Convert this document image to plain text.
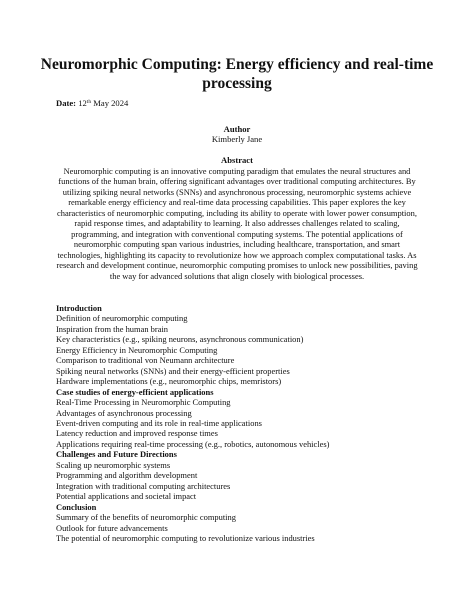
Neuromorphic Computing: Energy efficiency and real-time processing
Date: 12th May 2024
Author
Kimberly Jane
Abstract
Neuromorphic computing is an innovative computing paradigm that emulates the neural structures and functions of the human brain, offering significant advantages over traditional computing architectures. By utilizing spiking neural networks (SNNs) and asynchronous processing, neuromorphic systems achieve remarkable energy efficiency and real-time data processing capabilities. This paper explores the key characteristics of neuromorphic computing, including its ability to operate with lower power consumption, rapid response times, and adaptability to learning. It also addresses challenges related to scaling, programming, and integration with conventional computing systems. The potential applications of neuromorphic computing span various industries, including healthcare, transportation, and smart technologies, highlighting its capacity to revolutionize how we approach complex computational tasks. As research and development continue, neuromorphic computing promises to unlock new possibilities, paving the way for advanced solutions that align closely with biological processes.
Introduction
Definition of neuromorphic computing
Inspiration from the human brain
Key characteristics (e.g., spiking neurons, asynchronous communication)
Energy Efficiency in Neuromorphic Computing
Comparison to traditional von Neumann architecture
Spiking neural networks (SNNs) and their energy-efficient properties
Hardware implementations (e.g., neuromorphic chips, memristors)
Case studies of energy-efficient applications
Real-Time Processing in Neuromorphic Computing
Advantages of asynchronous processing
Event-driven computing and its role in real-time applications
Latency reduction and improved response times
Applications requiring real-time processing (e.g., robotics, autonomous vehicles)
Challenges and Future Directions
Scaling up neuromorphic systems
Programming and algorithm development
Integration with traditional computing architectures
Potential applications and societal impact
Conclusion
Summary of the benefits of neuromorphic computing
Outlook for future advancements
The potential of neuromorphic computing to revolutionize various industries
